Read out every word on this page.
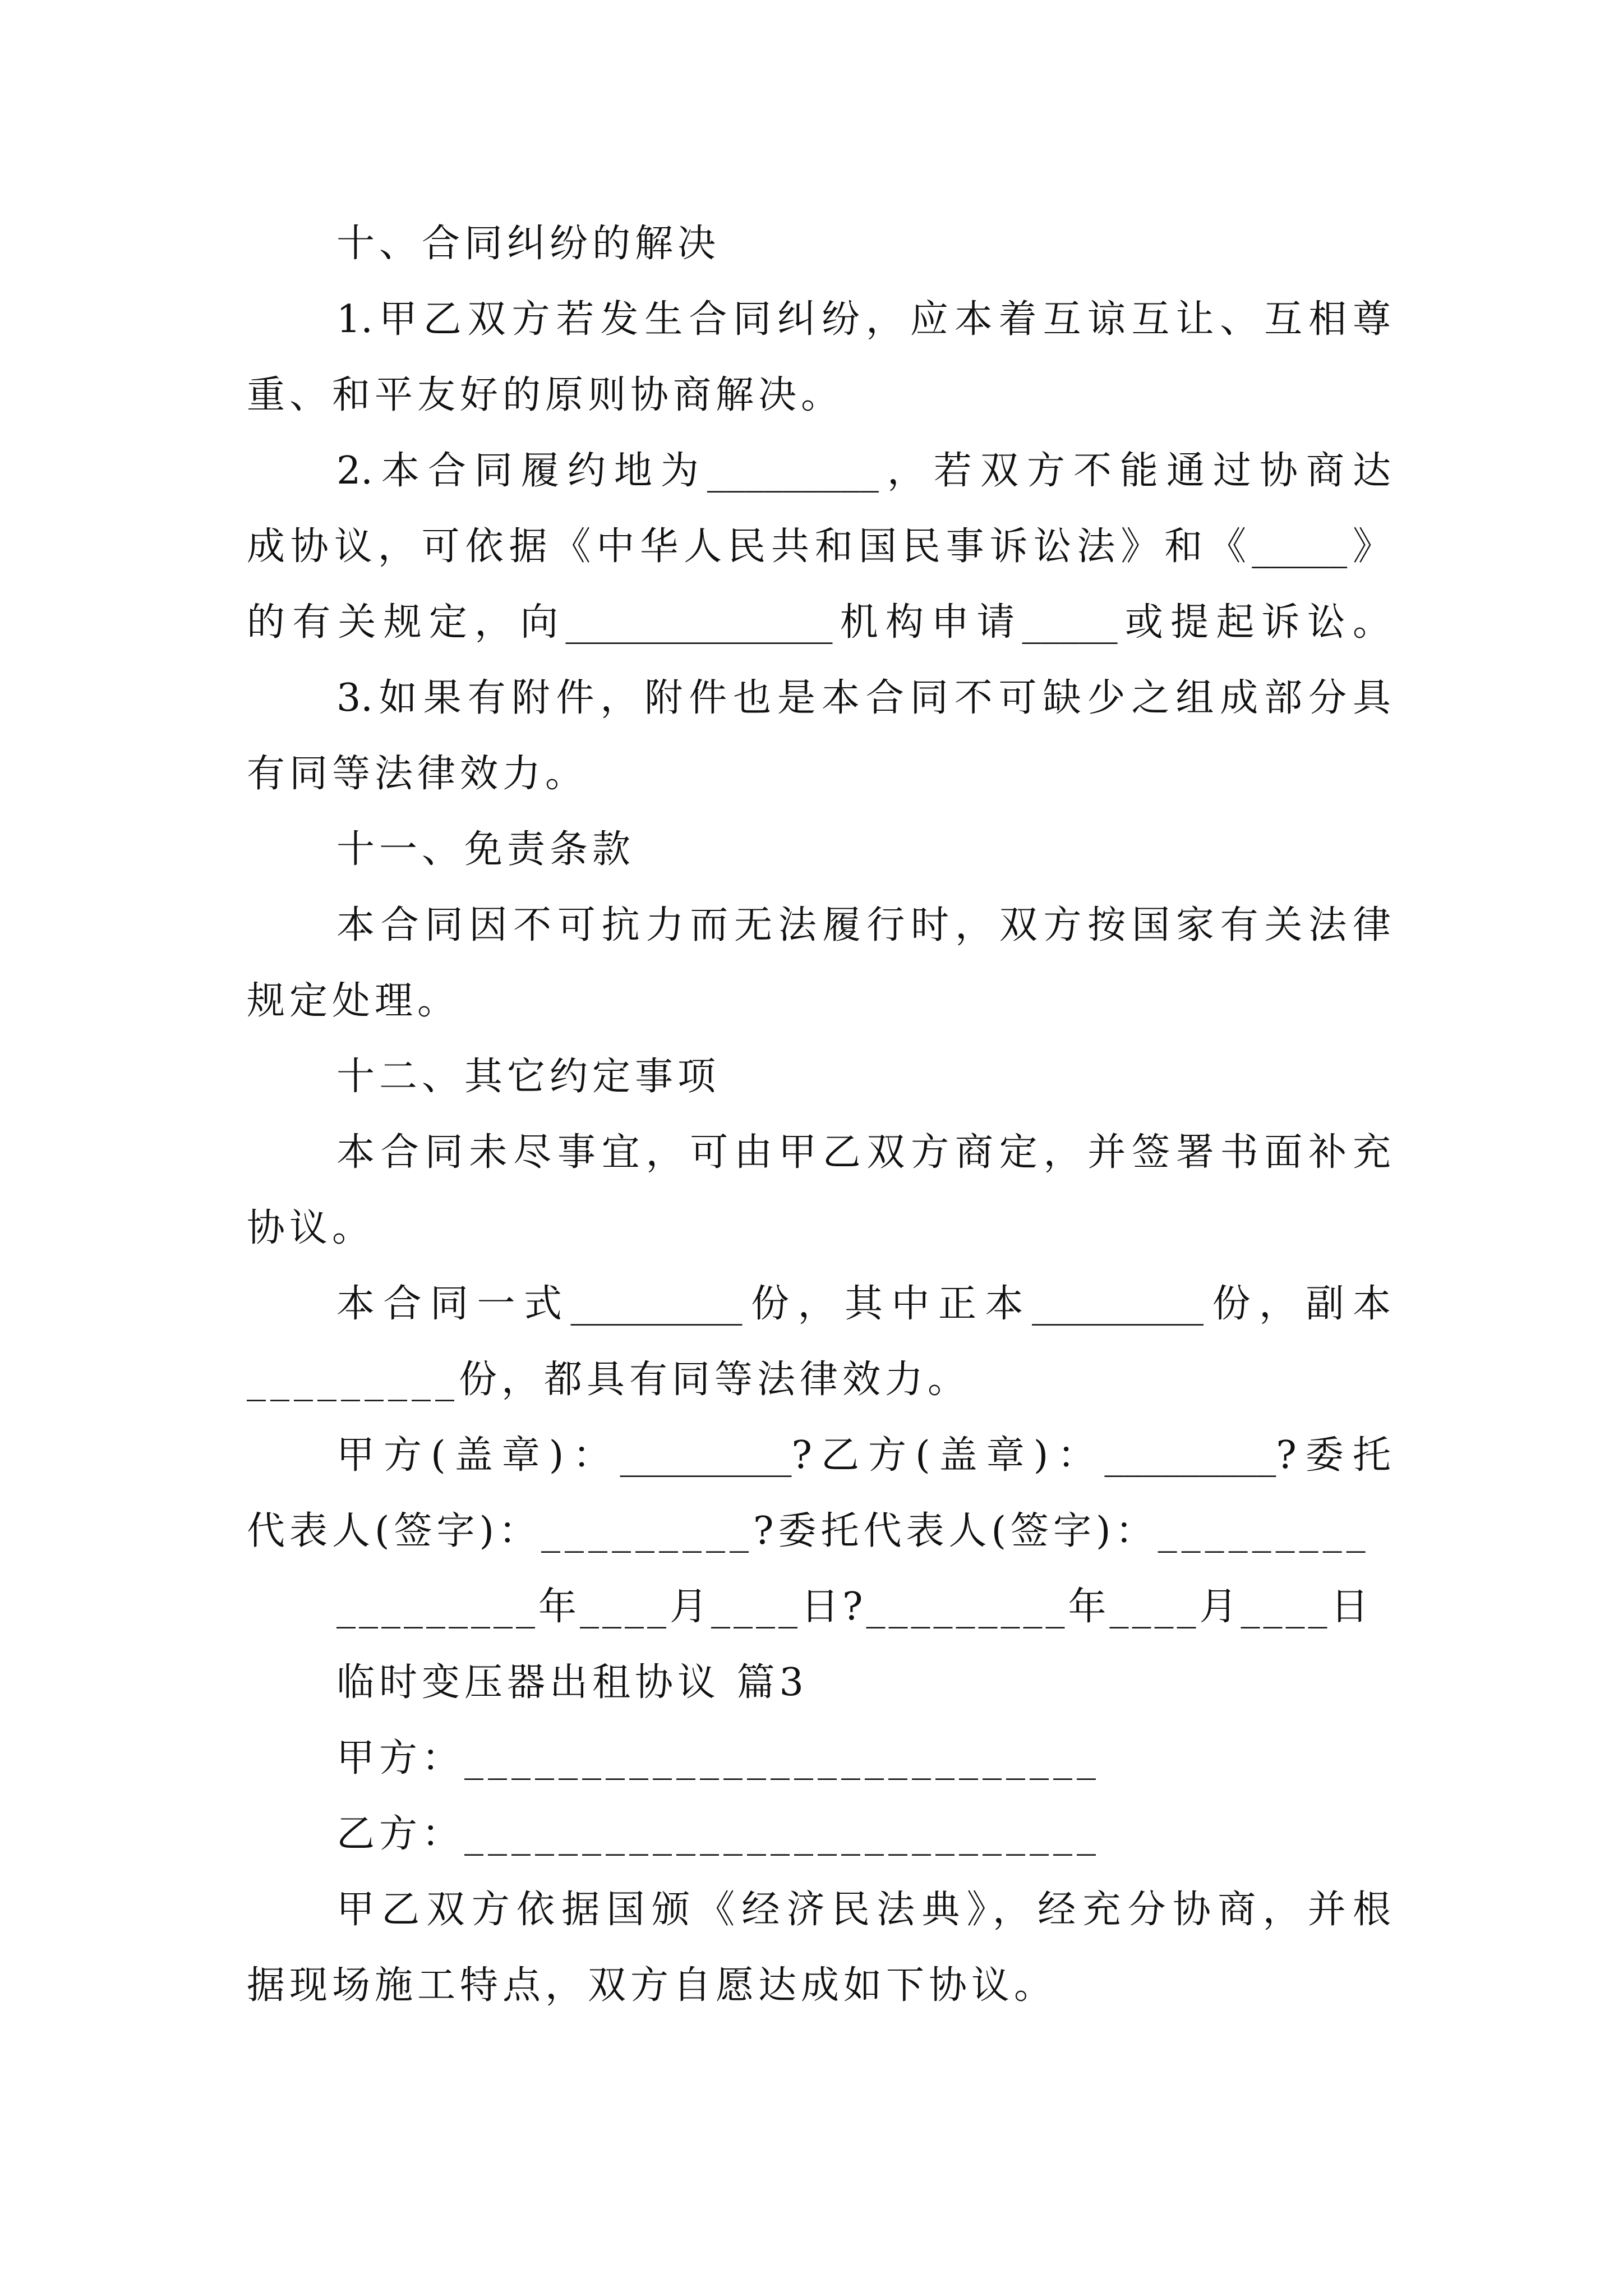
十、合同纠纷的解决
1.甲乙双方若发生合同纠纷，应本着互谅互让、互相尊
重、和平友好的原则协商解决。
2.本合同履约地为_________，若双方不能通过协商达
成协议，可依据《中华人民共和国民事诉讼法》和《_____》
的有关规定，向______________机构申请_____或提起诉讼。
3.如果有附件，附件也是本合同不可缺少之组成部分具
有同等法律效力。
十一、免责条款
本合同因不可抗力而无法履行时，双方按国家有关法律
规定处理。
十二、其它约定事项
本合同未尽事宜，可由甲乙双方商定，并签署书面补充
协议。
本合同一式_________份，其中正本_________份，副本
_________份，都具有同等法律效力。
甲方(盖章)：_________?乙方(盖章)：_________?委托
代表人(签字)：_________?委托代表人(签字)：_________
_________年____月____日?_________年____月____日
临时变压器出租协议 篇3
甲方：___________________________
乙方：___________________________
甲乙双方依据国颁《经济民法典》，经充分协商，并根
据现场施工特点，双方自愿达成如下协议。
